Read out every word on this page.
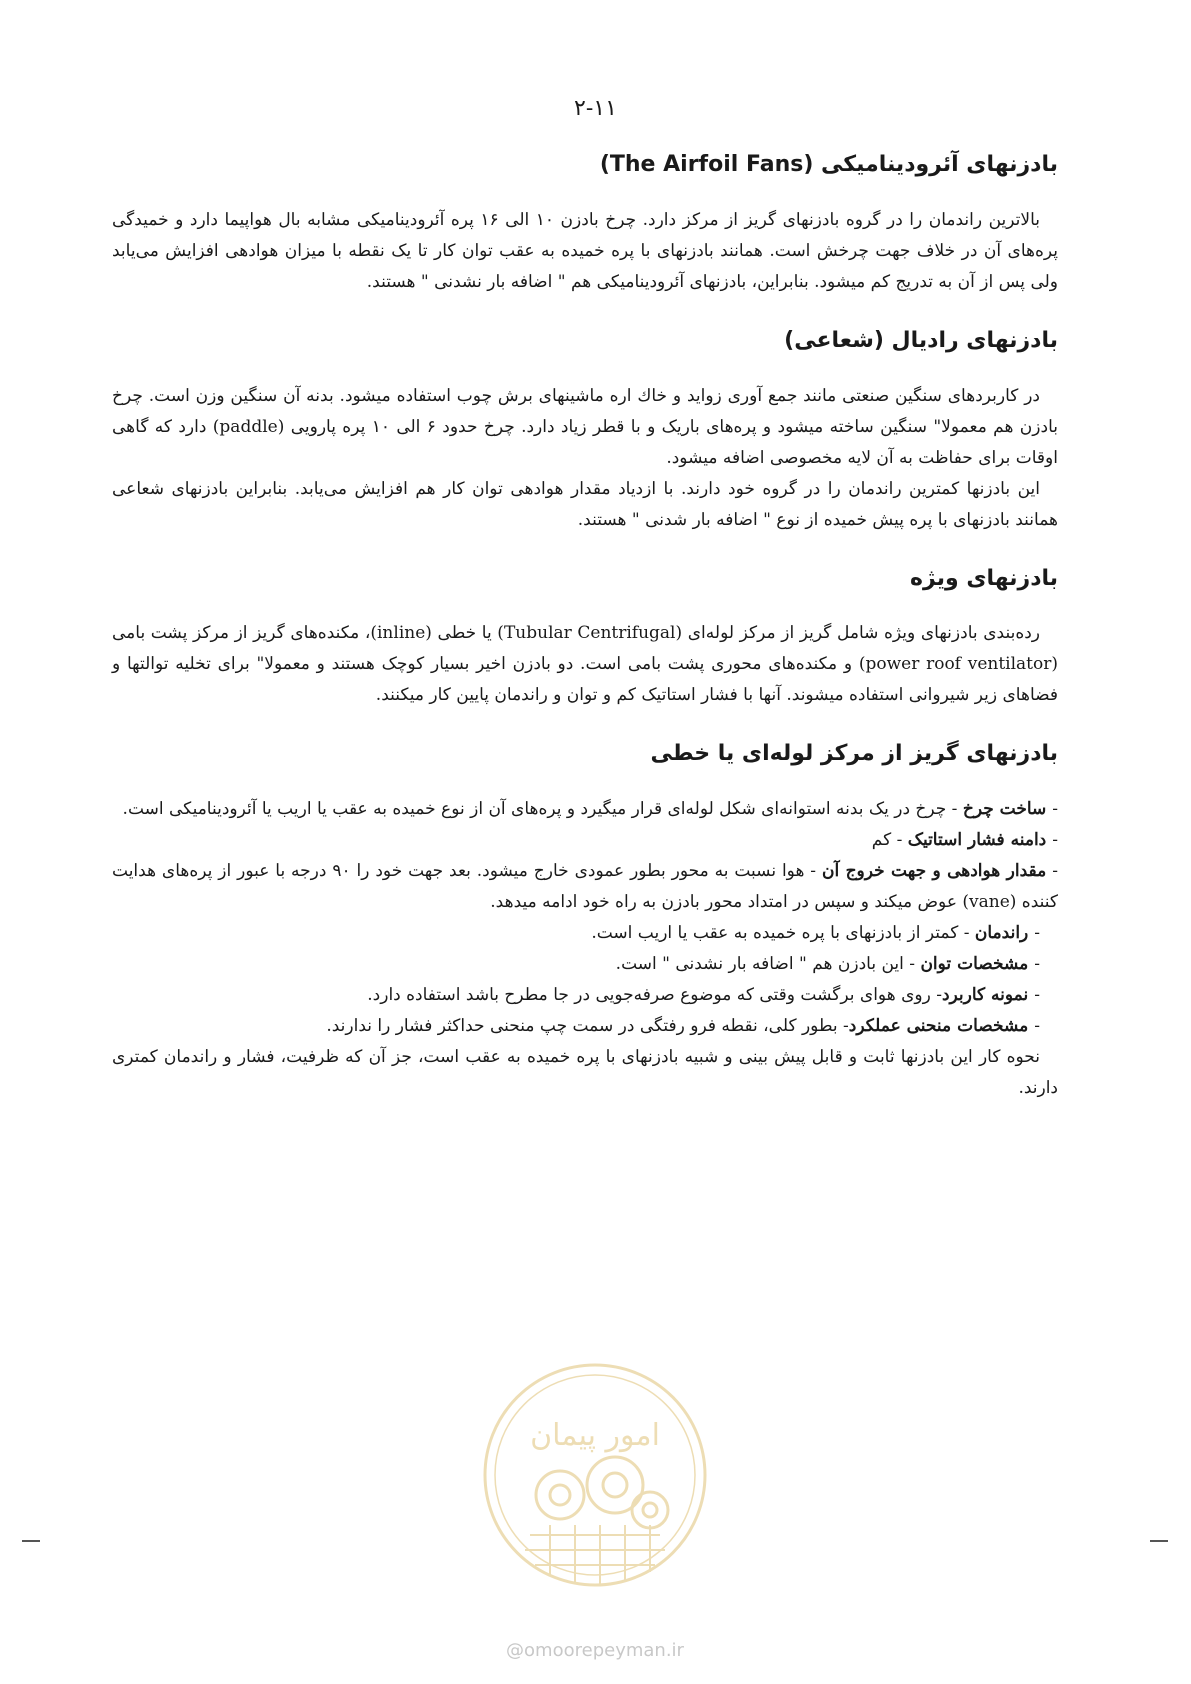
۲-۱۱
بادزنهای آئرودینامیکی (The Airfoil Fans)

بالاترین راندمان را در گروه بادزنهای گریز از مرکز دارد. چرخ بادزن ۱۰ الی ۱۶ پره آئرودینامیکی مشابه بال هواپیما دارد و خمیدگی پره‌های آن در خلاف جهت چرخش است. همانند بادزنهای با پره خمیده به عقب توان کار تا یک نقطه با میزان هوادهی افزایش می‌یابد ولی پس از آن به تدریج کم میشود. بنابراین، بادزنهای آئرودینامیکی هم " اضافه بار نشدنی " هستند.

بادزنهای رادیال (شعاعی)

در کاربردهای سنگین صنعتی مانند جمع آوری زواید و خاك اره ماشینهای برش چوب استفاده میشود. بدنه آن سنگین وزن است. چرخ بادزن هم معمولا" سنگین ساخته میشود و پره‌های باریک و با قطر زیاد دارد. چرخ حدود ۶ الی ۱۰ پره پارویی (paddle) دارد که گاهی اوقات برای حفاظت به آن لایه مخصوصی اضافه میشود.

این بادزنها کمترین راندمان را در گروه خود دارند. با ازدیاد مقدار هوادهی توان کار هم افزایش می‌یابد. بنابراین بادزنهای شعاعی همانند بادزنهای با پره پیش خمیده از نوع " اضافه بار شدنی " هستند.

بادزنهای ویژه

رده‌بندی بادزنهای ویژه شامل گریز از مرکز لوله‌ای (Tubular Centrifugal) یا خطی (inline)، مکنده‌های گریز از مرکز پشت بامی (power roof ventilator) و مکنده‌های محوری پشت بامی است. دو بادزن اخیر بسیار کوچک هستند و معمولا" برای تخلیه توالتها و فضاهای زیر شیروانی استفاده میشوند. آنها با فشار استاتیک کم و توان و راندمان پایین کار میکنند.

بادزنهای گریز از مرکز لوله‌ای یا خطی
-ساخت چرخ - چرخ در یک بدنه استوانه‌ای شکل لوله‌ای قرار میگیرد و پره‌های آن از نوع خمیده به عقب یا اریب یا آئرودینامیکی است.
-دامنه فشار استاتیک - کم
-مقدار هوادهی و جهت خروج آن - هوا نسبت به محور بطور عمودی خارج میشود. بعد جهت خود را ۹۰ درجه با عبور از پره‌های هدایت کننده (vane) عوض میکند و سپس در امتداد محور بادزن به راه خود ادامه میدهد.
-راندمان - کمتر از بادزنهای با پره خمیده به عقب یا اریب است.
-مشخصات توان - این بادزن هم " اضافه بار نشدنی " است.
-نمونه کاربرد- روی هوای برگشت وقتی که موضوع صرفه‌جویی در جا مطرح باشد استفاده دارد.
-مشخصات منحنی عملکرد- بطور کلی، نقطه فرو رفتگی در سمت چپ منحنی حداکثر فشار را ندارند.

نحوه کار این بادزنها ثابت و قابل پیش بینی و شبیه بادزنهای با پره خمیده به عقب است، جز آن که ظرفیت، فشار و راندمان کمتری دارند.

امور پیمان
@omoorepeyman.ir
